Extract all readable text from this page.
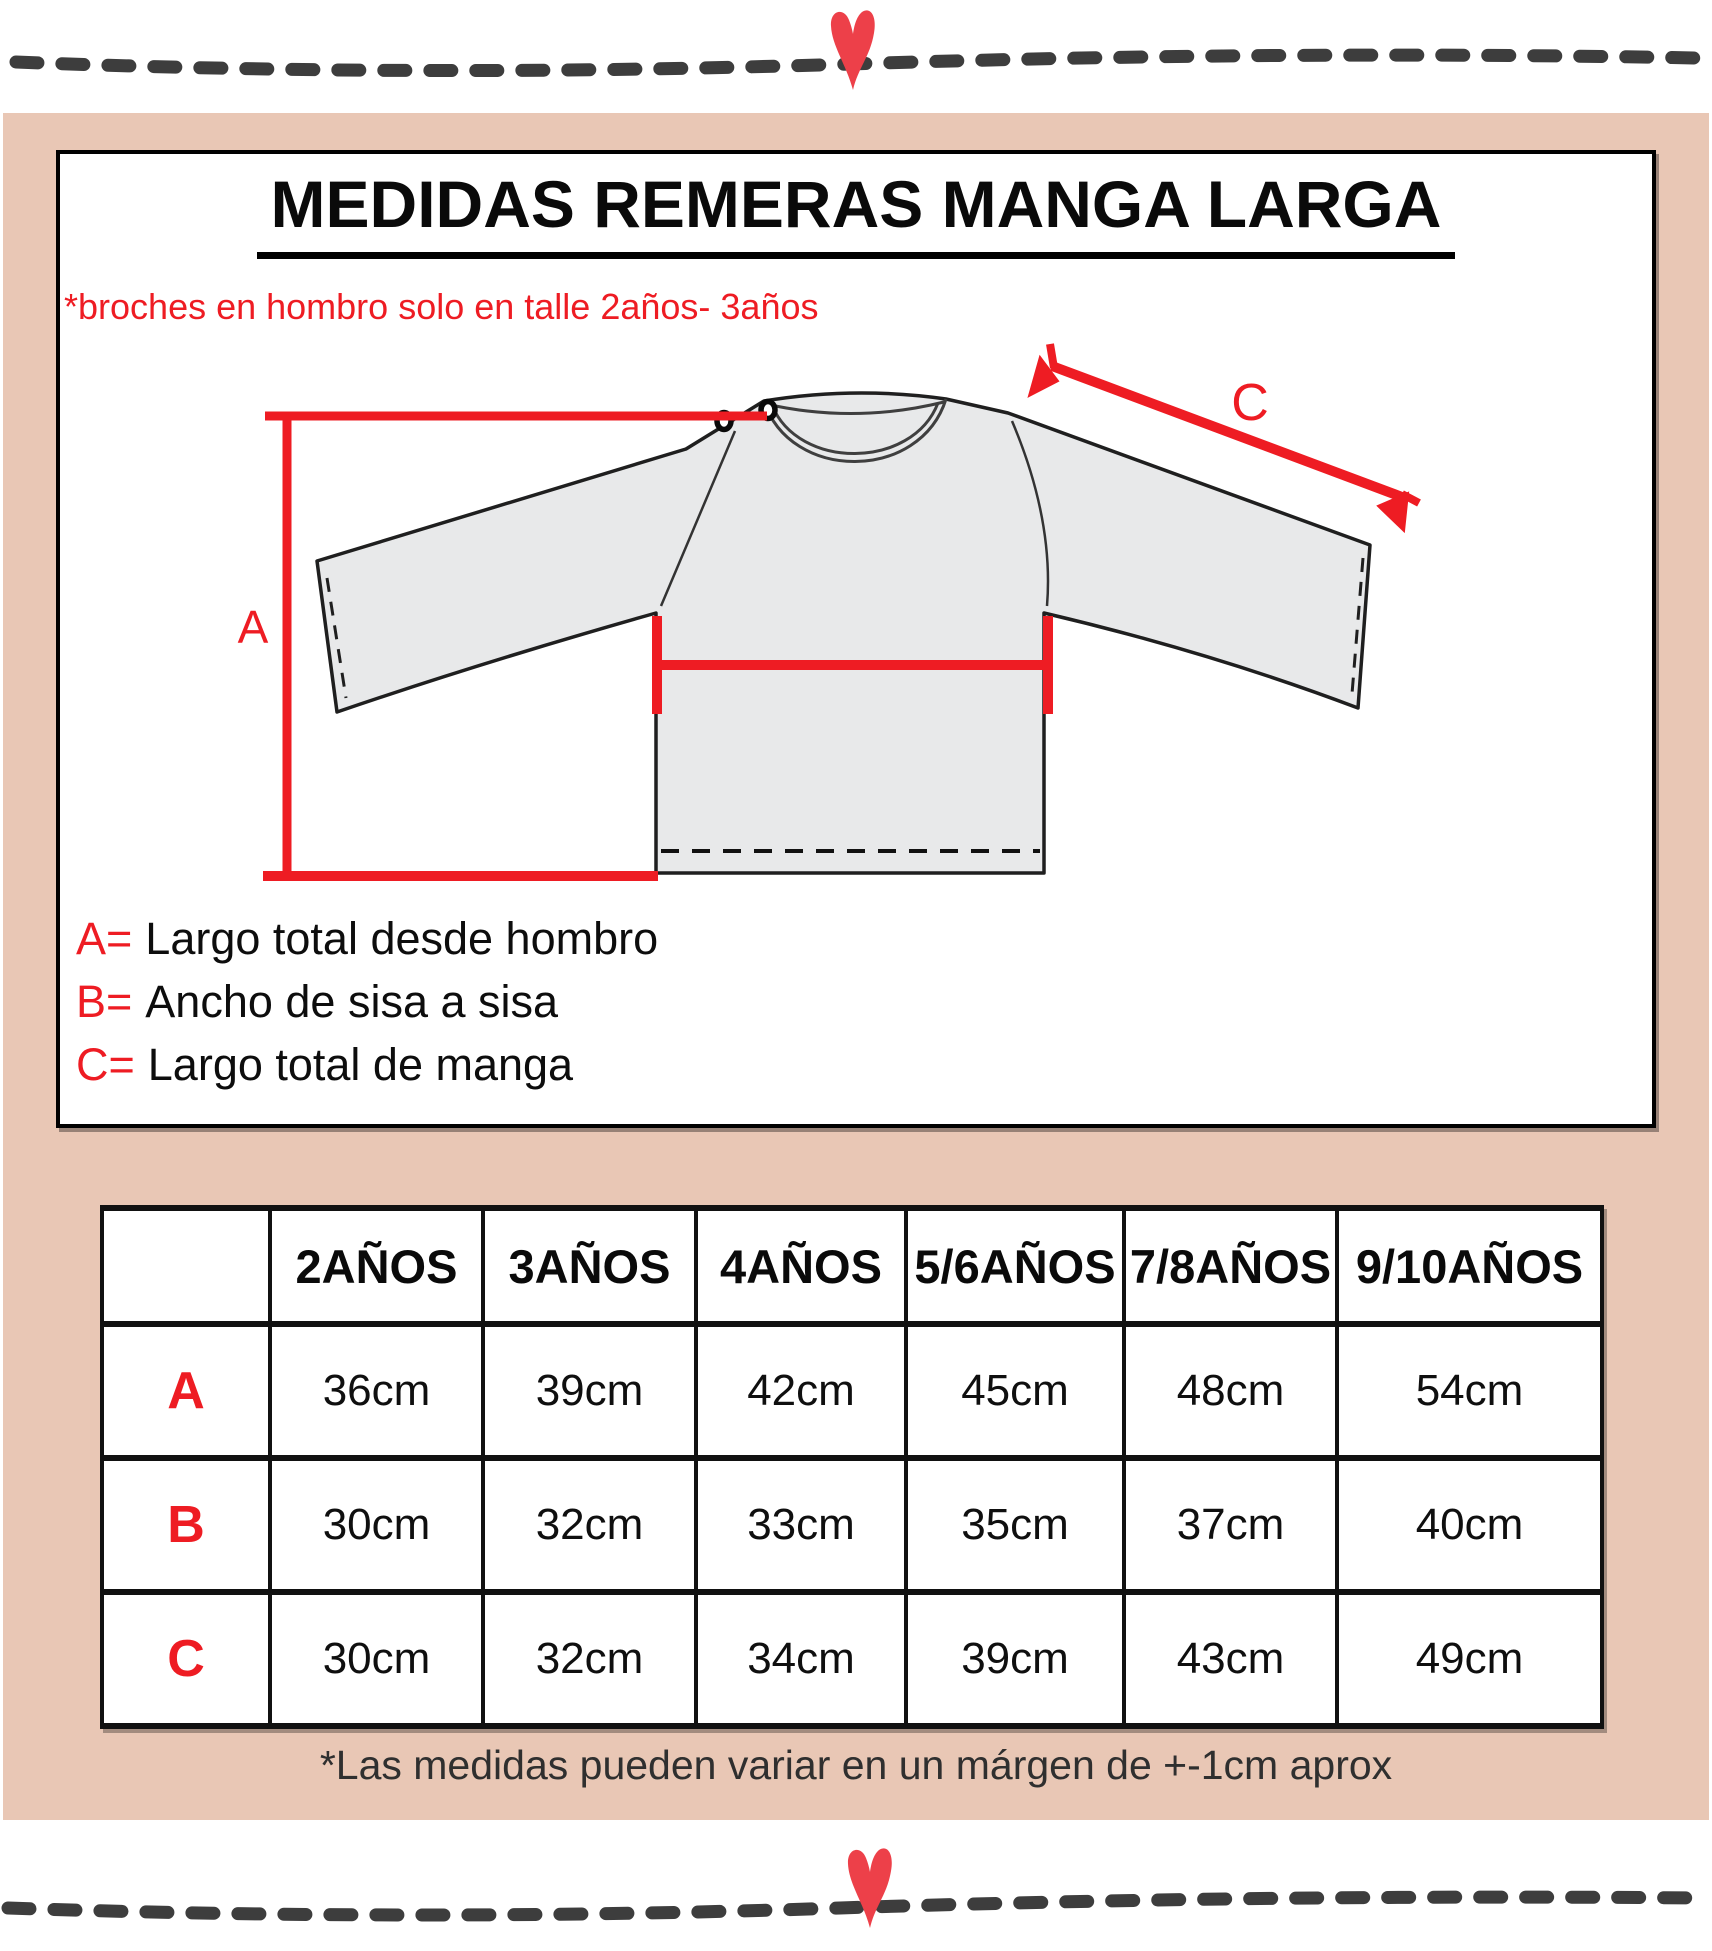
A
C
MEDIDAS REMERAS MANGA LARGA
*broches en hombro solo en talle 2años- 3años
A= Largo total desde hombro
B= Ancho de sisa a sisa
C= Largo total de manga
	2AÑOS	3AÑOS	4AÑOS	5/6AÑOS	7/8AÑOS	9/10AÑOS
A	36cm	39cm	42cm	45cm	48cm	54cm
B	30cm	32cm	33cm	35cm	37cm	40cm
C	30cm	32cm	34cm	39cm	43cm	49cm
*Las medidas pueden variar en un márgen de +-1cm aprox
